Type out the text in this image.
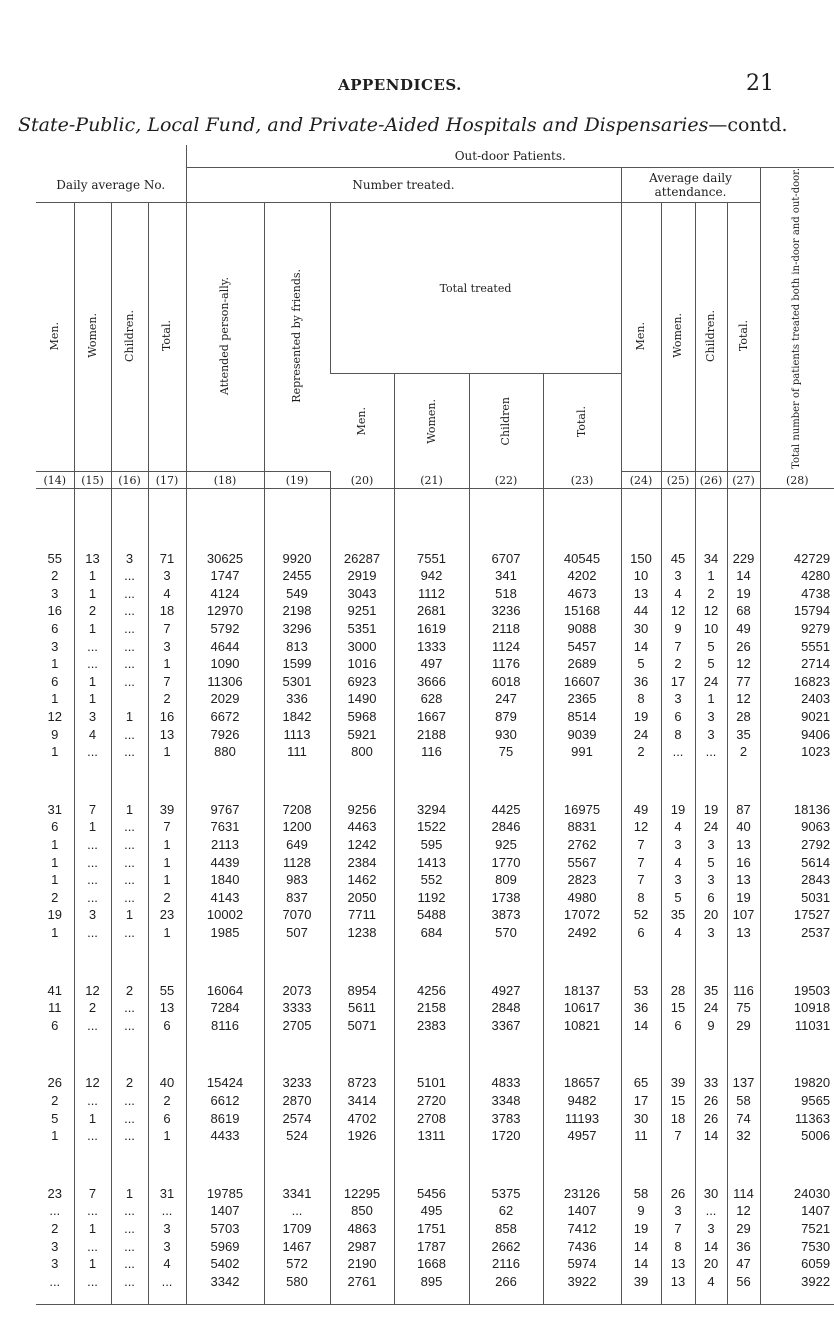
APPENDICES.	21
State-Public, Local Fund, and Private-Aided Hospitals and Dispensaries—contd.
				Out-door Patients.										
Daily average No.				Number treated.						Average daily attendance.				Total number of patients treated both in-door and out-door.
Men.	Women.	Children.	Total.	Attended person-ally.	Represented by friends.	Total treated				Men.	Women.	Children.	Total.	
						Men.	Women.	Children	Total.					
(14)	(15)	(16)	(17)	(18)	(19)	(20)	(21)	(22)	(23)	(24)	(25)	(26)	(27)	(28)

55	13	3	71	30625	9920	26287	7551	6707	40545	150	45	34	229	42729
2	1	...	3	1747	2455	2919	942	341	4202	10	3	1	14	4280
3	1	...	4	4124	549	3043	1112	518	4673	13	4	2	19	4738
16	2	...	18	12970	2198	9251	2681	3236	15168	44	12	12	68	15794
6	1	...	7	5792	3296	5351	1619	2118	9088	30	9	10	49	9279
3	...	...	3	4644	813	3000	1333	1124	5457	14	7	5	26	5551
1	...	...	1	1090	1599	1016	497	1176	2689	5	2	5	12	2714
6	1	...	7	11306	5301	6923	3666	6018	16607	36	17	24	77	16823
1	1		2	2029	336	1490	628	247	2365	8	3	1	12	2403
12	3	1	16	6672	1842	5968	1667	879	8514	19	6	3	28	9021
9	4	...	13	7926	1113	5921	2188	930	9039	24	8	3	35	9406
1	...	...	1	880	111	800	116	75	991	2	...	...	2	1023

31	7	1	39	9767	7208	9256	3294	4425	16975	49	19	19	87	18136
6	1	...	7	7631	1200	4463	1522	2846	8831	12	4	24	40	9063
1	...	...	1	2113	649	1242	595	925	2762	7	3	3	13	2792
1	...	...	1	4439	1128	2384	1413	1770	5567	7	4	5	16	5614
1	...	...	1	1840	983	1462	552	809	2823	7	3	3	13	2843
2	...	...	2	4143	837	2050	1192	1738	4980	8	5	6	19	5031
19	3	1	23	10002	7070	7711	5488	3873	17072	52	35	20	107	17527
1	...	...	1	1985	507	1238	684	570	2492	6	4	3	13	2537

41	12	2	55	16064	2073	8954	4256	4927	18137	53	28	35	116	19503
11	2	...	13	7284	3333	5611	2158	2848	10617	36	15	24	75	10918
6	...	...	6	8116	2705	5071	2383	3367	10821	14	6	9	29	11031

26	12	2	40	15424	3233	8723	5101	4833	18657	65	39	33	137	19820
2	...	...	2	6612	2870	3414	2720	3348	9482	17	15	26	58	9565
5	1	...	6	8619	2574	4702	2708	3783	11193	30	18	26	74	11363
1	...	...	1	4433	524	1926	1311	1720	4957	11	7	14	32	5006

23	7	1	31	19785	3341	12295	5456	5375	23126	58	26	30	114	24030
...	...	...	...	1407	...	850	495	62	1407	9	3	...	12	1407
2	1	...	3	5703	1709	4863	1751	858	7412	19	7	3	29	7521
3	...	...	3	5969	1467	2987	1787	2662	7436	14	8	14	36	7530
3	1	...	4	5402	572	2190	1668	2116	5974	14	13	20	47	6059
...	...	...	...	3342	580	2761	895	266	3922	39	13	4	56	3922
